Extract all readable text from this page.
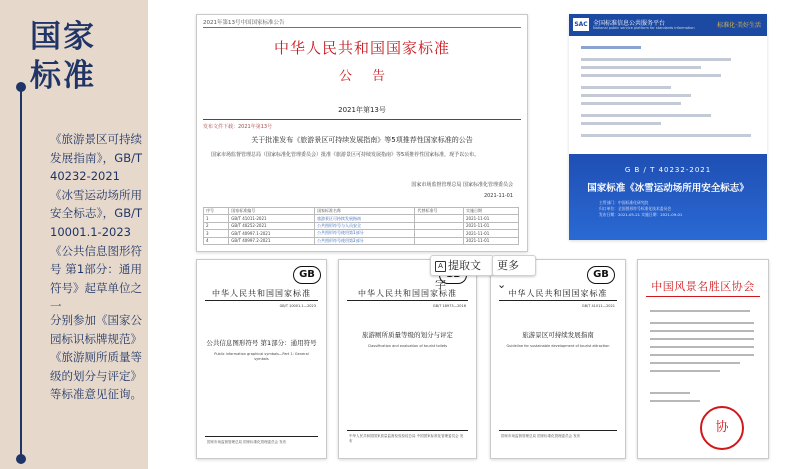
国家
标准
《旅游景区可持续发展指南》，GB/T 40232-2021《冰雪运动场所用安全标志》，GB/T 10001.1-2023《公共信息图形符号 第1部分：通用符号》起草单位之一
分别参加《国家公园标识标牌规范》《旅游厕所质量等级的划分与评定》等标准意见征询。
2021年第13号中国国家标准公告
中华人民共和国国家标准
公告
2021年第13号
发布文件下载：2021年第13号
关于批准发布《旅游景区可持续发展指南》等5项推荐性国家标准的公告
国家市场监督管理总局（国家标准化管理委员会）批准《旅游景区可持续发展指南》等5项推荐性国家标准，现予以公布。
国家市场监督管理总局 国家标准化管理委员会
2021-11-01
序号	国家标准编号	国家标准名称	代替标准号	实施日期
1	GB/T 41011-2021	旅游景区可持续发展指南		2021-11-01
2	GB/T 40252-2021	公共图形符号与人员安全		2021-11-01
3	GB/T 40997.1-2021	公共图形符号使用第1部分		2021-11-01
4	GB/T 40997.2-2021	公共图形符号使用第2部分		2021-11-01
SAC 全国标准信息公共服务平台
National public service platform for standards information	标准化·美好生活
G B / T 40232-2021
国家标准《冰雪运动场所用安全标志》
主管部门：中国标准化研究院
归口单位：全国图形符号标准化技术委员会
发布日期：2021-05-21 实施日期：2021-09-01
GB
中华人民共和国国家标准
GB/T 10001.1—2023
公共信息图形符号 第1部分：通用符号
Public information graphical symbols—Part 1: General symbols
国家市场监督管理总局 国家标准化管理委员会 发布
中华人民共和国国家标准
GB/T 18973—2016
旅游厕所质量等级的划分与评定
Classification and evaluation of tourist toilets
中华人民共和国国家质量监督检验检疫总局 中国国家标准化管理委员会 发布
GB
中华人民共和国国家标准
GB/T 41011—2021
旅游景区可持续发展指南
Guideline for sustainable development of tourist attraction
国家市场监督管理总局 国家标准化管理委员会 发布
中国风景名胜区协会
协
A 提取文字
更多 ⌄
